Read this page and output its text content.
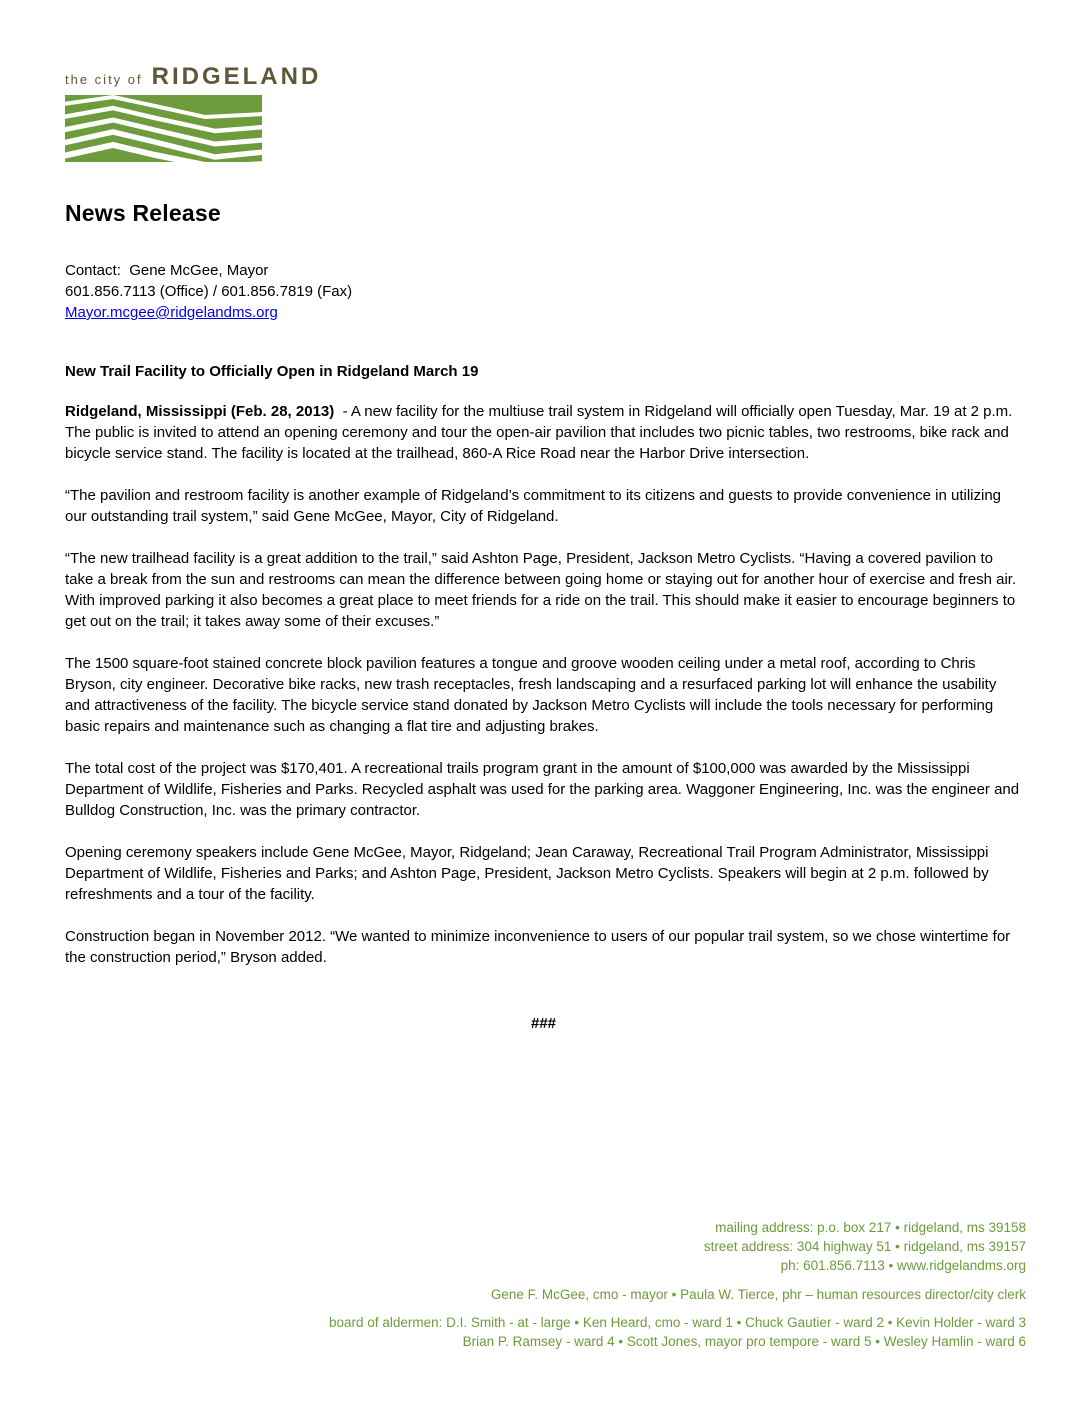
the city of RIDGELAND
News Release
Contact:  Gene McGee, Mayor
601.856.7113 (Office) / 601.856.7819 (Fax)
Mayor.mcgee@ridgelandms.org
New Trail Facility to Officially Open in Ridgeland March 19

Ridgeland, Mississippi (Feb. 28, 2013)  - A new facility for the multiuse trail system in Ridgeland will officially open Tuesday, Mar. 19 at 2 p.m. The public is invited to attend an opening ceremony and tour the open-air pavilion that includes two picnic tables, two restrooms, bike rack and bicycle service stand. The facility is located at the trailhead, 860-A Rice Road near the Harbor Drive intersection.

“The pavilion and restroom facility is another example of Ridgeland’s commitment to its citizens and guests to provide convenience in utilizing our outstanding trail system,” said Gene McGee, Mayor, City of Ridgeland.

“The new trailhead facility is a great addition to the trail,” said Ashton Page, President, Jackson Metro Cyclists. “Having a covered pavilion to take a break from the sun and restrooms can mean the difference between going home or staying out for another hour of exercise and fresh air. With improved parking it also becomes a great place to meet friends for a ride on the trail. This should make it easier to encourage beginners to get out on the trail; it takes away some of their excuses.”

The 1500 square-foot stained concrete block pavilion features a tongue and groove wooden ceiling under a metal roof, according to Chris Bryson, city engineer. Decorative bike racks, new trash receptacles, fresh landscaping and a resurfaced parking lot will enhance the usability and attractiveness of the facility. The bicycle service stand donated by Jackson Metro Cyclists will include the tools necessary for performing basic repairs and maintenance such as changing a flat tire and adjusting brakes.

The total cost of the project was $170,401. A recreational trails program grant in the amount of $100,000 was awarded by the Mississippi Department of Wildlife, Fisheries and Parks. Recycled asphalt was used for the parking area. Waggoner Engineering, Inc. was the engineer and Bulldog Construction, Inc. was the primary contractor.

Opening ceremony speakers include Gene McGee, Mayor, Ridgeland; Jean Caraway, Recreational Trail Program Administrator, Mississippi Department of Wildlife, Fisheries and Parks; and Ashton Page, President, Jackson Metro Cyclists. Speakers will begin at 2 p.m. followed by refreshments and a tour of the facility.

Construction began in November 2012. “We wanted to minimize inconvenience to users of our popular trail system, so we chose wintertime for the construction period,” Bryson added.

###
mailing address: p.o. box 217 • ridgeland, ms 39158
street address: 304 highway 51 • ridgeland, ms 39157
ph: 601.856.7113 • www.ridgelandms.org
Gene F. McGee, cmo - mayor • Paula W. Tierce, phr – human resources director/city clerk
board of aldermen: D.I. Smith - at - large • Ken Heard, cmo - ward 1 • Chuck Gautier - ward 2 • Kevin Holder - ward 3
Brian P. Ramsey - ward 4 • Scott Jones, mayor pro tempore - ward 5 • Wesley Hamlin - ward 6
